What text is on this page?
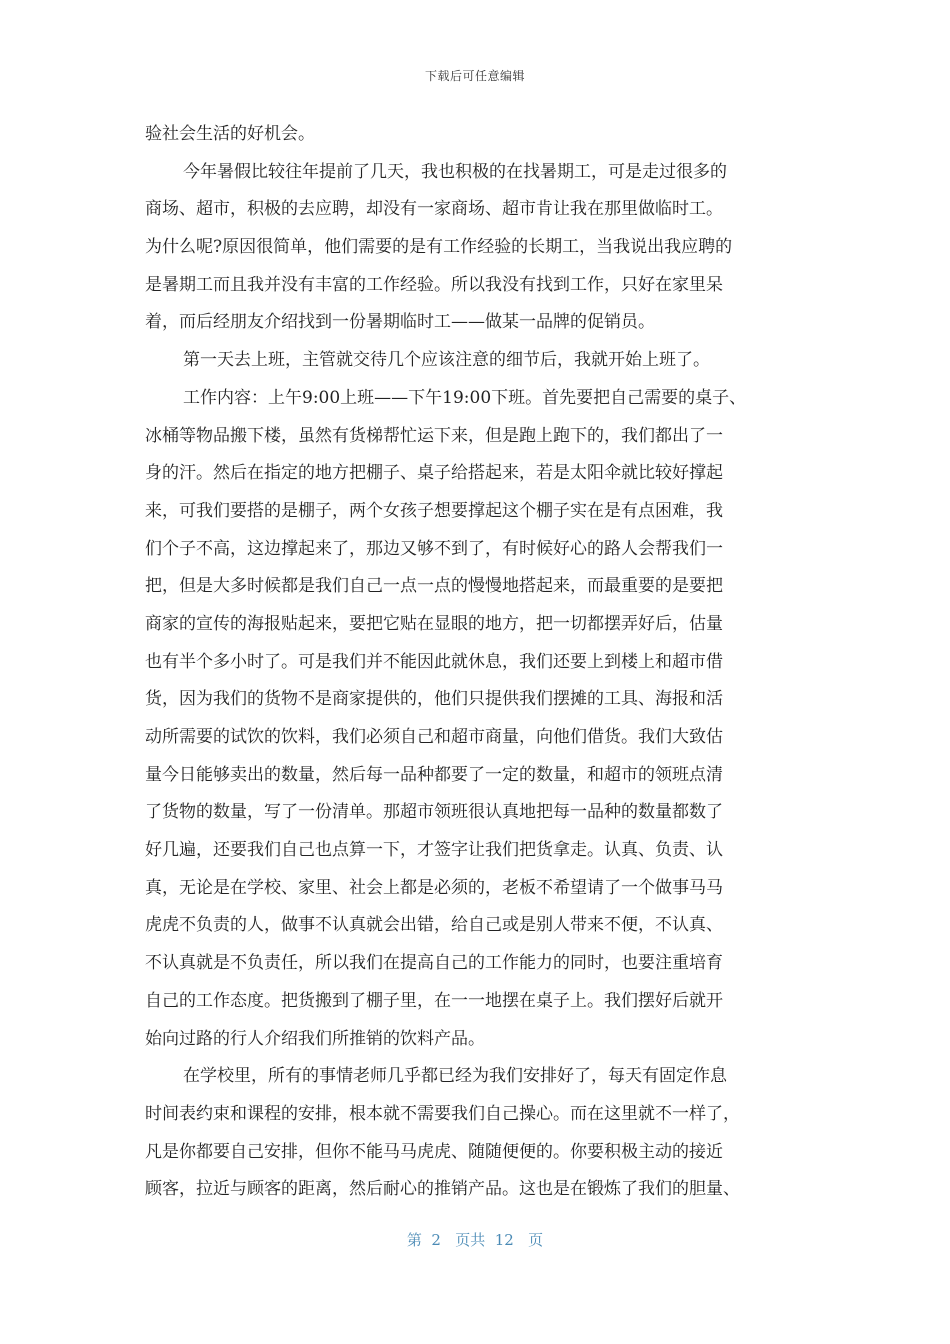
下载后可任意编辑
验社会生活的好机会。
今年暑假比较往年提前了几天，我也积极的在找暑期工，可是走过很多的
商场、超市，积极的去应聘，却没有一家商场、超市肯让我在那里做临时工。
为什么呢?原因很简单，他们需要的是有工作经验的长期工，当我说出我应聘的
是暑期工而且我并没有丰富的工作经验。所以我没有找到工作，只好在家里呆
着，而后经朋友介绍找到一份暑期临时工——做某一品牌的促销员。
第一天去上班，主管就交待几个应该注意的细节后，我就开始上班了。
工作内容：上午9:00上班——下午19:00下班。首先要把自己需要的桌子、
冰桶等物品搬下楼，虽然有货梯帮忙运下来，但是跑上跑下的，我们都出了一
身的汗。然后在指定的地方把棚子、桌子给搭起来，若是太阳伞就比较好撑起
来，可我们要搭的是棚子，两个女孩子想要撑起这个棚子实在是有点困难，我
们个子不高，这边撑起来了，那边又够不到了，有时候好心的路人会帮我们一
把，但是大多时候都是我们自己一点一点的慢慢地搭起来，而最重要的是要把
商家的宣传的海报贴起来，要把它贴在显眼的地方，把一切都摆弄好后，估量
也有半个多小时了。可是我们并不能因此就休息，我们还要上到楼上和超市借
货，因为我们的货物不是商家提供的，他们只提供我们摆摊的工具、海报和活
动所需要的试饮的饮料，我们必须自己和超市商量，向他们借货。我们大致估
量今日能够卖出的数量，然后每一品种都要了一定的数量，和超市的领班点清
了货物的数量，写了一份清单。那超市领班很认真地把每一品种的数量都数了
好几遍，还要我们自己也点算一下，才签字让我们把货拿走。认真、负责、认
真，无论是在学校、家里、社会上都是必须的，老板不希望请了一个做事马马
虎虎不负责的人，做事不认真就会出错，给自己或是别人带来不便，不认真、
不认真就是不负责任，所以我们在提高自己的工作能力的同时，也要注重培育
自己的工作态度。把货搬到了棚子里，在一一地摆在桌子上。我们摆好后就开
始向过路的行人介绍我们所推销的饮料产品。
在学校里，所有的事情老师几乎都已经为我们安排好了，每天有固定作息
时间表约束和课程的安排，根本就不需要我们自己操心。而在这里就不一样了，
凡是你都要自己安排，但你不能马马虎虎、随随便便的。你要积极主动的接近
顾客，拉近与顾客的距离，然后耐心的推销产品。这也是在锻炼了我们的胆量、
第  2   页共  12   页
